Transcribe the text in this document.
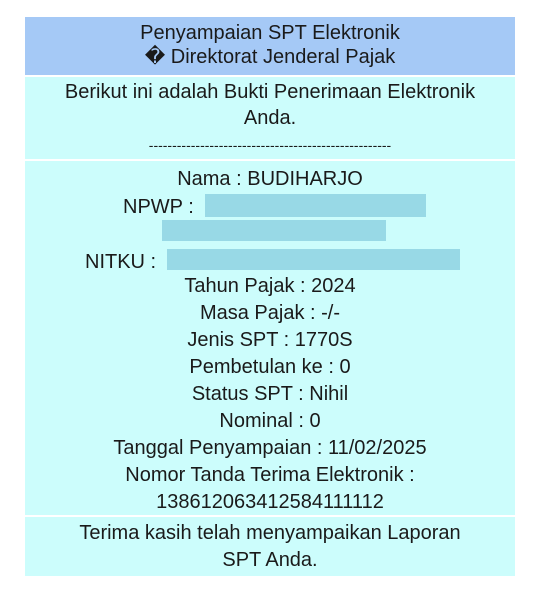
Penyampaian SPT Elektronik
� Direktorat Jenderal Pajak
Berikut ini adalah Bukti Penerimaan Elektronik
Anda.
----------------------------------------------------
Nama : BUDIHARJO
NPWP :
NITKU :
Tahun Pajak : 2024
Masa Pajak : -/-
Jenis SPT : 1770S
Pembetulan ke : 0
Status SPT : Nihil
Nominal : 0
Tanggal Penyampaian : 11/02/2025
Nomor Tanda Terima Elektronik :
138612063412584111112
Terima kasih telah menyampaikan Laporan
SPT Anda.
